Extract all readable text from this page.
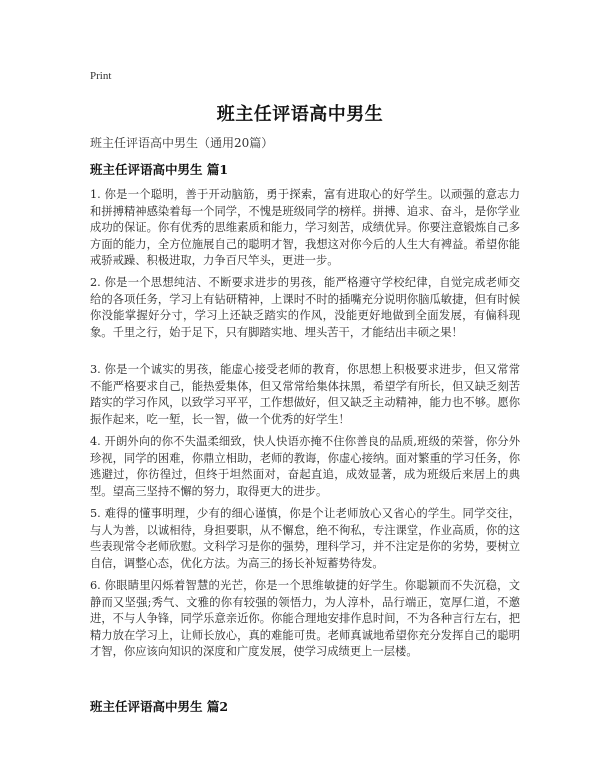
Print
班主任评语高中男生
班主任评语高中男生（通用20篇）
班主任评语高中男生 篇1
1. 你是一个聪明，善于开动脑筋，勇于探索，富有进取心的好学生。以顽强的意志力和拼搏精神感染着每一个同学，不愧是班级同学的榜样。拼搏、追求、奋斗，是你学业成功的保证。你有优秀的思维素质和能力，学习刻苦，成绩优异。你要注意锻炼自己多方面的能力，全方位施展自己的聪明才智，我想这对你今后的人生大有裨益。希望你能戒骄戒躁、积极进取，力争百尺竿头，更进一步。
2. 你是一个思想纯洁、不断要求进步的男孩，能严格遵守学校纪律，自觉完成老师交给的各项任务，学习上有钻研精神，上课时不时的插嘴充分说明你脑瓜敏捷，但有时候你没能掌握好分寸，学习上还缺乏踏实的作风，没能更好地做到全面发展，有偏科现象。千里之行，始于足下，只有脚踏实地、埋头苦干，才能结出丰硕之果！
3. 你是一个诚实的男孩，能虚心接受老师的教育，你思想上积极要求进步，但又常常不能严格要求自己，能热爱集体，但又常常给集体抹黑，希望学有所长，但又缺乏刻苦踏实的学习作风，以致学习平平，工作想做好，但又缺乏主动精神，能力也不够。愿你振作起来，吃一堑，长一智，做一个优秀的好学生！
4. 开朗外向的你不失温柔细致，快人快语亦掩不住你善良的品质,班级的荣誉，你分外珍视，同学的困难，你鼎立相助，老师的教诲，你虚心接纳。面对繁重的学习任务，你逃避过，你彷徨过，但终于坦然面对，奋起直追，成效显著，成为班级后来居上的典型。望高三坚持不懈的努力，取得更大的进步。
5. 难得的懂事明理，少有的细心谨慎，你是个让老师放心又省心的学生。同学交往，与人为善，以诚相待，身担要职，从不懈怠，绝不徇私，专注课堂，作业高质，你的这些表现常令老师欣慰。文科学习是你的强势，理科学习，并不注定是你的劣势，要树立自信，调整心态，优化方法。为高三的扬长补短蓄势待发。
6. 你眼睛里闪烁着智慧的光芒，你是一个思维敏捷的好学生。你聪颖而不失沉稳，文静而又坚强;秀气、文雅的你有较强的领悟力，为人淳朴，品行端正，宽厚仁道，不邀进，不与人争锋，同学乐意亲近你。你能合理地安排作息时间，不为各种言行左右，把精力放在学习上，让师长放心，真的难能可贵。老师真诚地希望你充分发挥自己的聪明才智，你应该向知识的深度和广度发展，使学习成绩更上一层楼。
班主任评语高中男生 篇2
